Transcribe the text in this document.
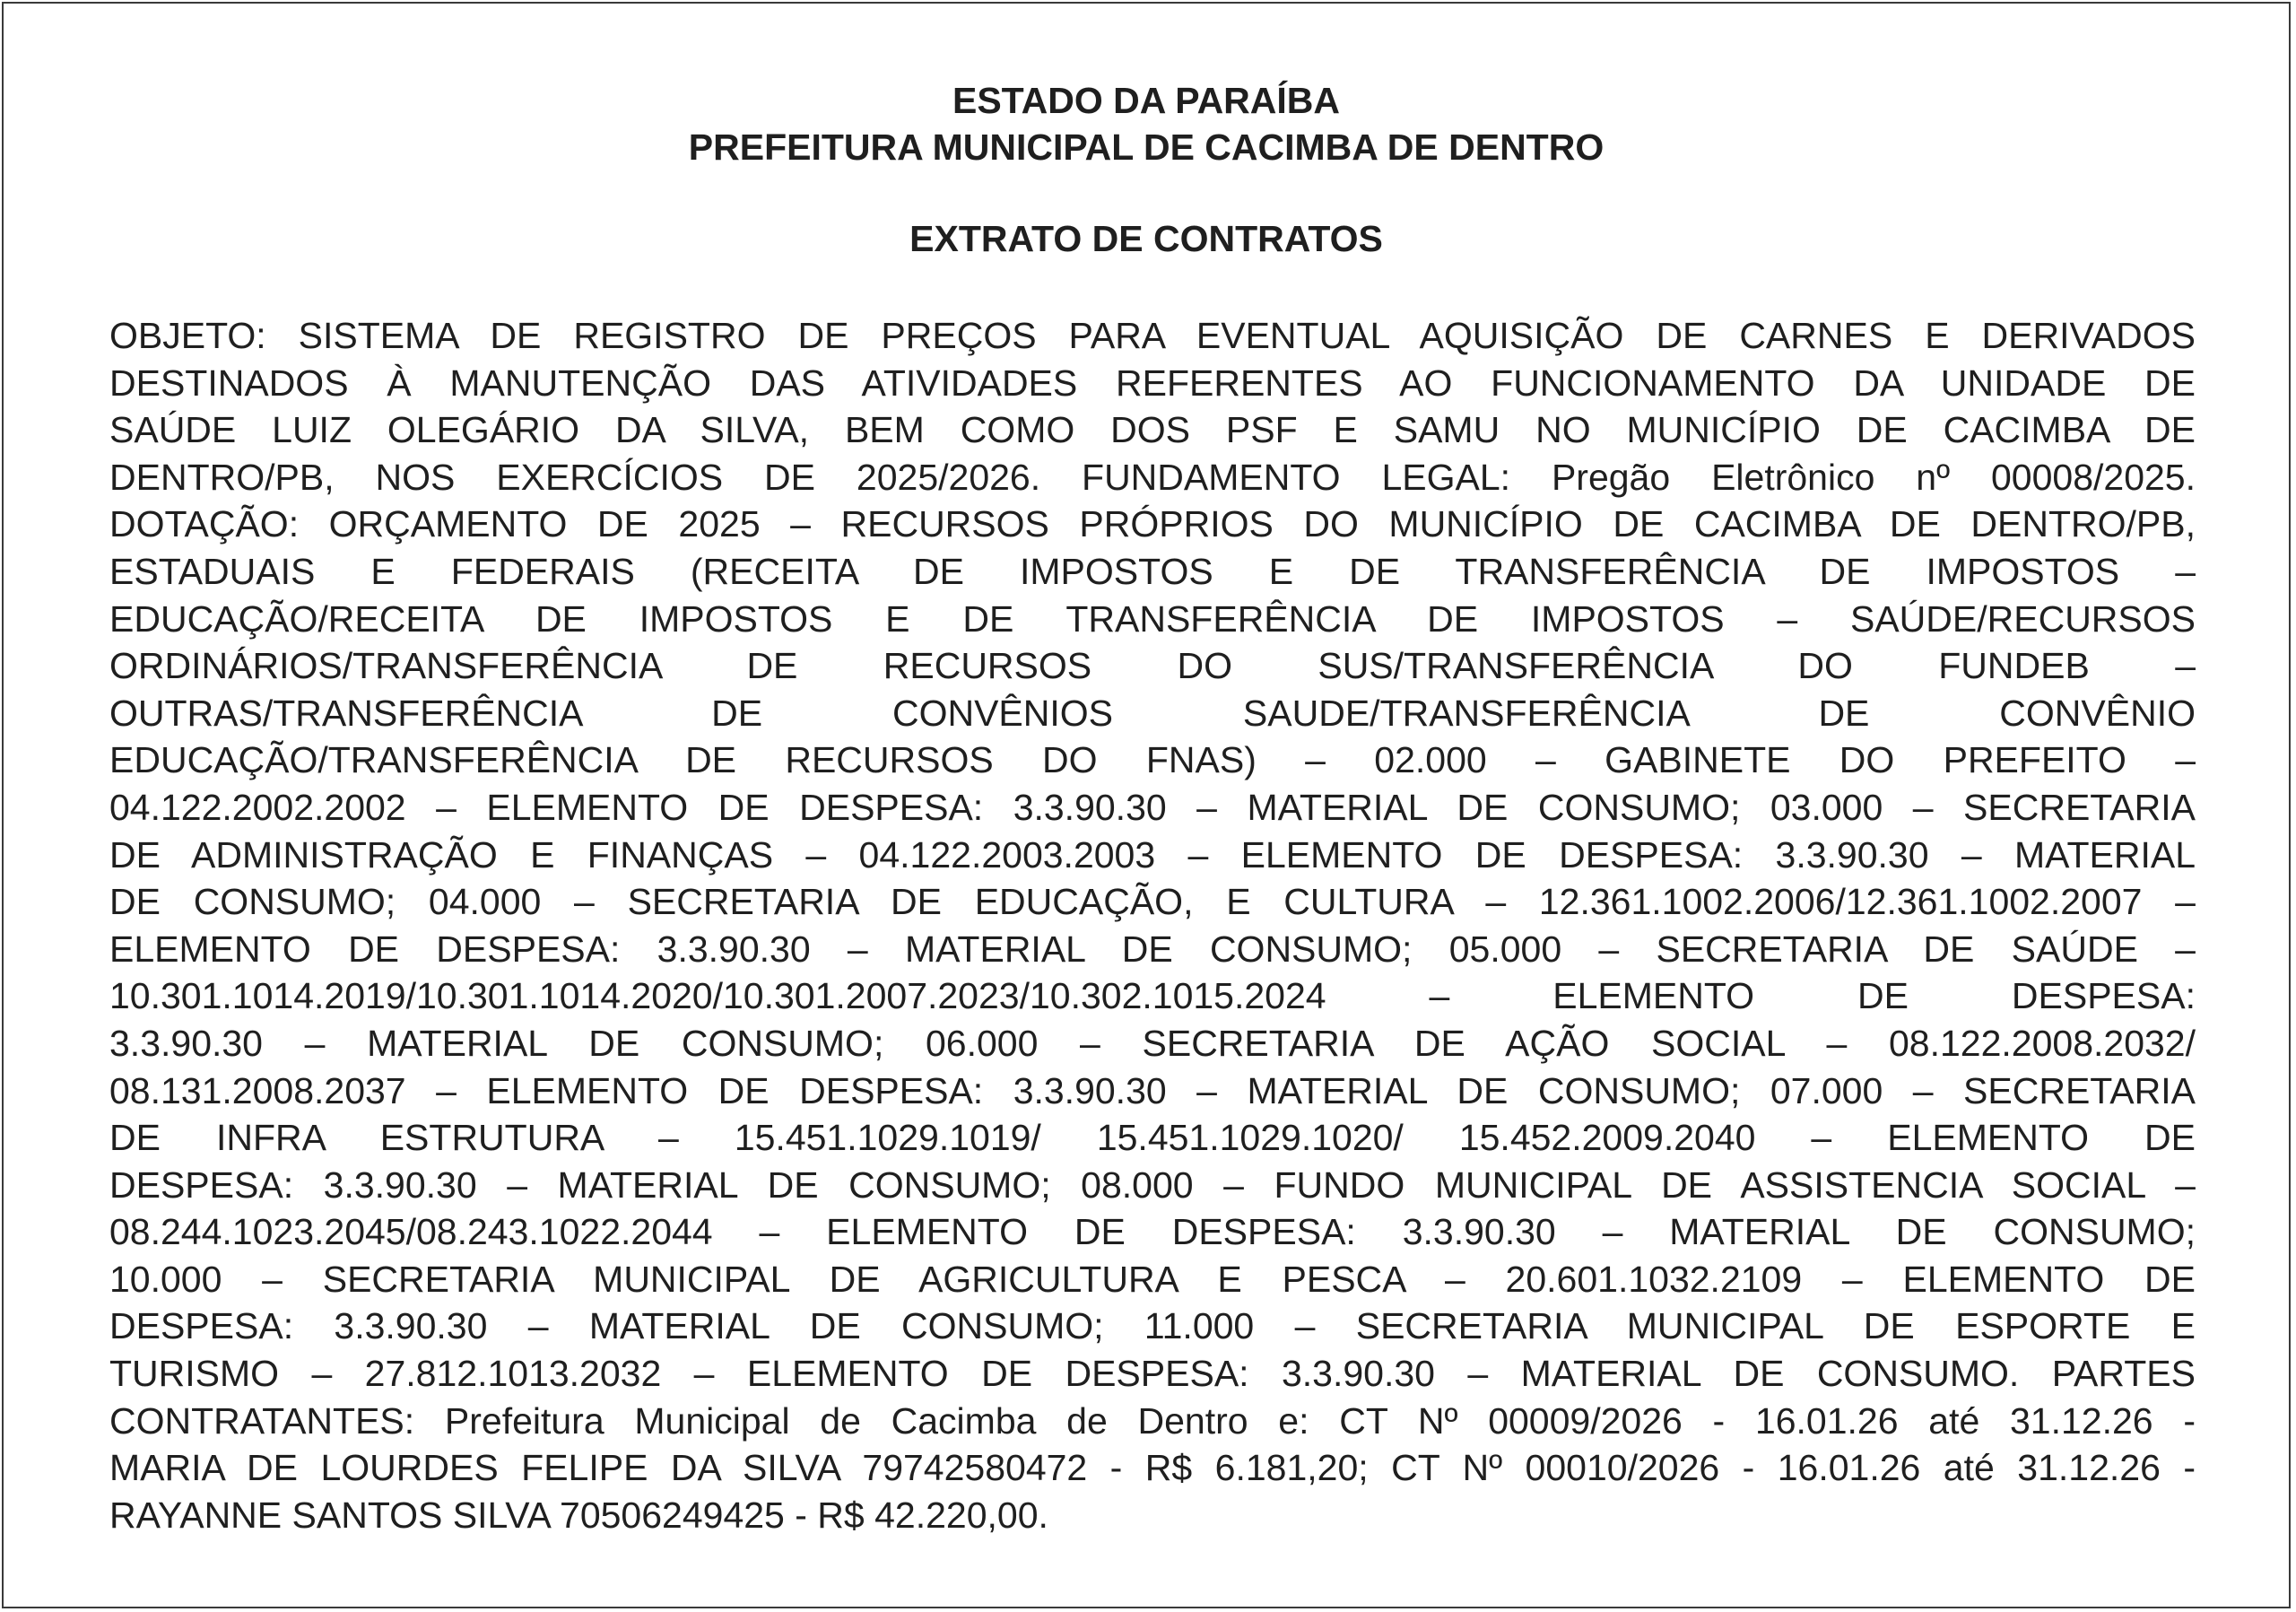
ESTADO DA PARAÍBA
PREFEITURA MUNICIPAL DE CACIMBA DE DENTRO
EXTRATO DE CONTRATOS
OBJETO: SISTEMA DE REGISTRO DE PREÇOS PARA EVENTUAL AQUISIÇÃO DE CARNES E DERIVADOS
DESTINADOS À MANUTENÇÃO DAS ATIVIDADES REFERENTES AO FUNCIONAMENTO DA UNIDADE DE
SAÚDE LUIZ OLEGÁRIO DA SILVA, BEM COMO DOS PSF E SAMU NO MUNICÍPIO DE CACIMBA DE
DENTRO/PB, NOS EXERCÍCIOS DE 2025/2026. FUNDAMENTO LEGAL: Pregão Eletrônico nº 00008/2025.
DOTAÇÃO: ORÇAMENTO DE 2025 – RECURSOS PRÓPRIOS DO MUNICÍPIO DE CACIMBA DE DENTRO/PB,
ESTADUAIS E FEDERAIS (RECEITA DE IMPOSTOS E DE TRANSFERÊNCIA DE IMPOSTOS –
EDUCAÇÃO/RECEITA DE IMPOSTOS E DE TRANSFERÊNCIA DE IMPOSTOS – SAÚDE/RECURSOS
ORDINÁRIOS/TRANSFERÊNCIA DE RECURSOS DO SUS/TRANSFERÊNCIA DO FUNDEB –
OUTRAS/TRANSFERÊNCIA DE CONVÊNIOS SAUDE/TRANSFERÊNCIA DE CONVÊNIO
EDUCAÇÃO/TRANSFERÊNCIA DE RECURSOS DO FNAS) – 02.000 – GABINETE DO PREFEITO –
04.122.2002.2002 – ELEMENTO DE DESPESA: 3.3.90.30 – MATERIAL DE CONSUMO; 03.000 – SECRETARIA
DE ADMINISTRAÇÃO E FINANÇAS – 04.122.2003.2003 – ELEMENTO DE DESPESA: 3.3.90.30 – MATERIAL
DE CONSUMO; 04.000 – SECRETARIA DE EDUCAÇÃO, E CULTURA – 12.361.1002.2006/12.361.1002.2007 –
ELEMENTO DE DESPESA: 3.3.90.30 – MATERIAL DE CONSUMO; 05.000 – SECRETARIA DE SAÚDE –
10.301.1014.2019/10.301.1014.2020/10.301.2007.2023/10.302.1015.2024 – ELEMENTO DE DESPESA:
3.3.90.30 – MATERIAL DE CONSUMO; 06.000 – SECRETARIA DE AÇÃO SOCIAL – 08.122.2008.2032/
08.131.2008.2037 – ELEMENTO DE DESPESA: 3.3.90.30 – MATERIAL DE CONSUMO; 07.000 – SECRETARIA
DE INFRA ESTRUTURA – 15.451.1029.1019/ 15.451.1029.1020/ 15.452.2009.2040 – ELEMENTO DE
DESPESA: 3.3.90.30 – MATERIAL DE CONSUMO; 08.000 – FUNDO MUNICIPAL DE ASSISTENCIA SOCIAL –
08.244.1023.2045/08.243.1022.2044 – ELEMENTO DE DESPESA: 3.3.90.30 – MATERIAL DE CONSUMO;
10.000 – SECRETARIA MUNICIPAL DE AGRICULTURA E PESCA – 20.601.1032.2109 – ELEMENTO DE
DESPESA: 3.3.90.30 – MATERIAL DE CONSUMO; 11.000 – SECRETARIA MUNICIPAL DE ESPORTE E
TURISMO – 27.812.1013.2032 – ELEMENTO DE DESPESA: 3.3.90.30 – MATERIAL DE CONSUMO. PARTES
CONTRATANTES: Prefeitura Municipal de Cacimba de Dentro e: CT Nº 00009/2026 - 16.01.26 até 31.12.26 -
MARIA DE LOURDES FELIPE DA SILVA 79742580472 - R$ 6.181,20; CT Nº 00010/2026 - 16.01.26 até 31.12.26 -
RAYANNE SANTOS SILVA 70506249425 - R$ 42.220,00.
